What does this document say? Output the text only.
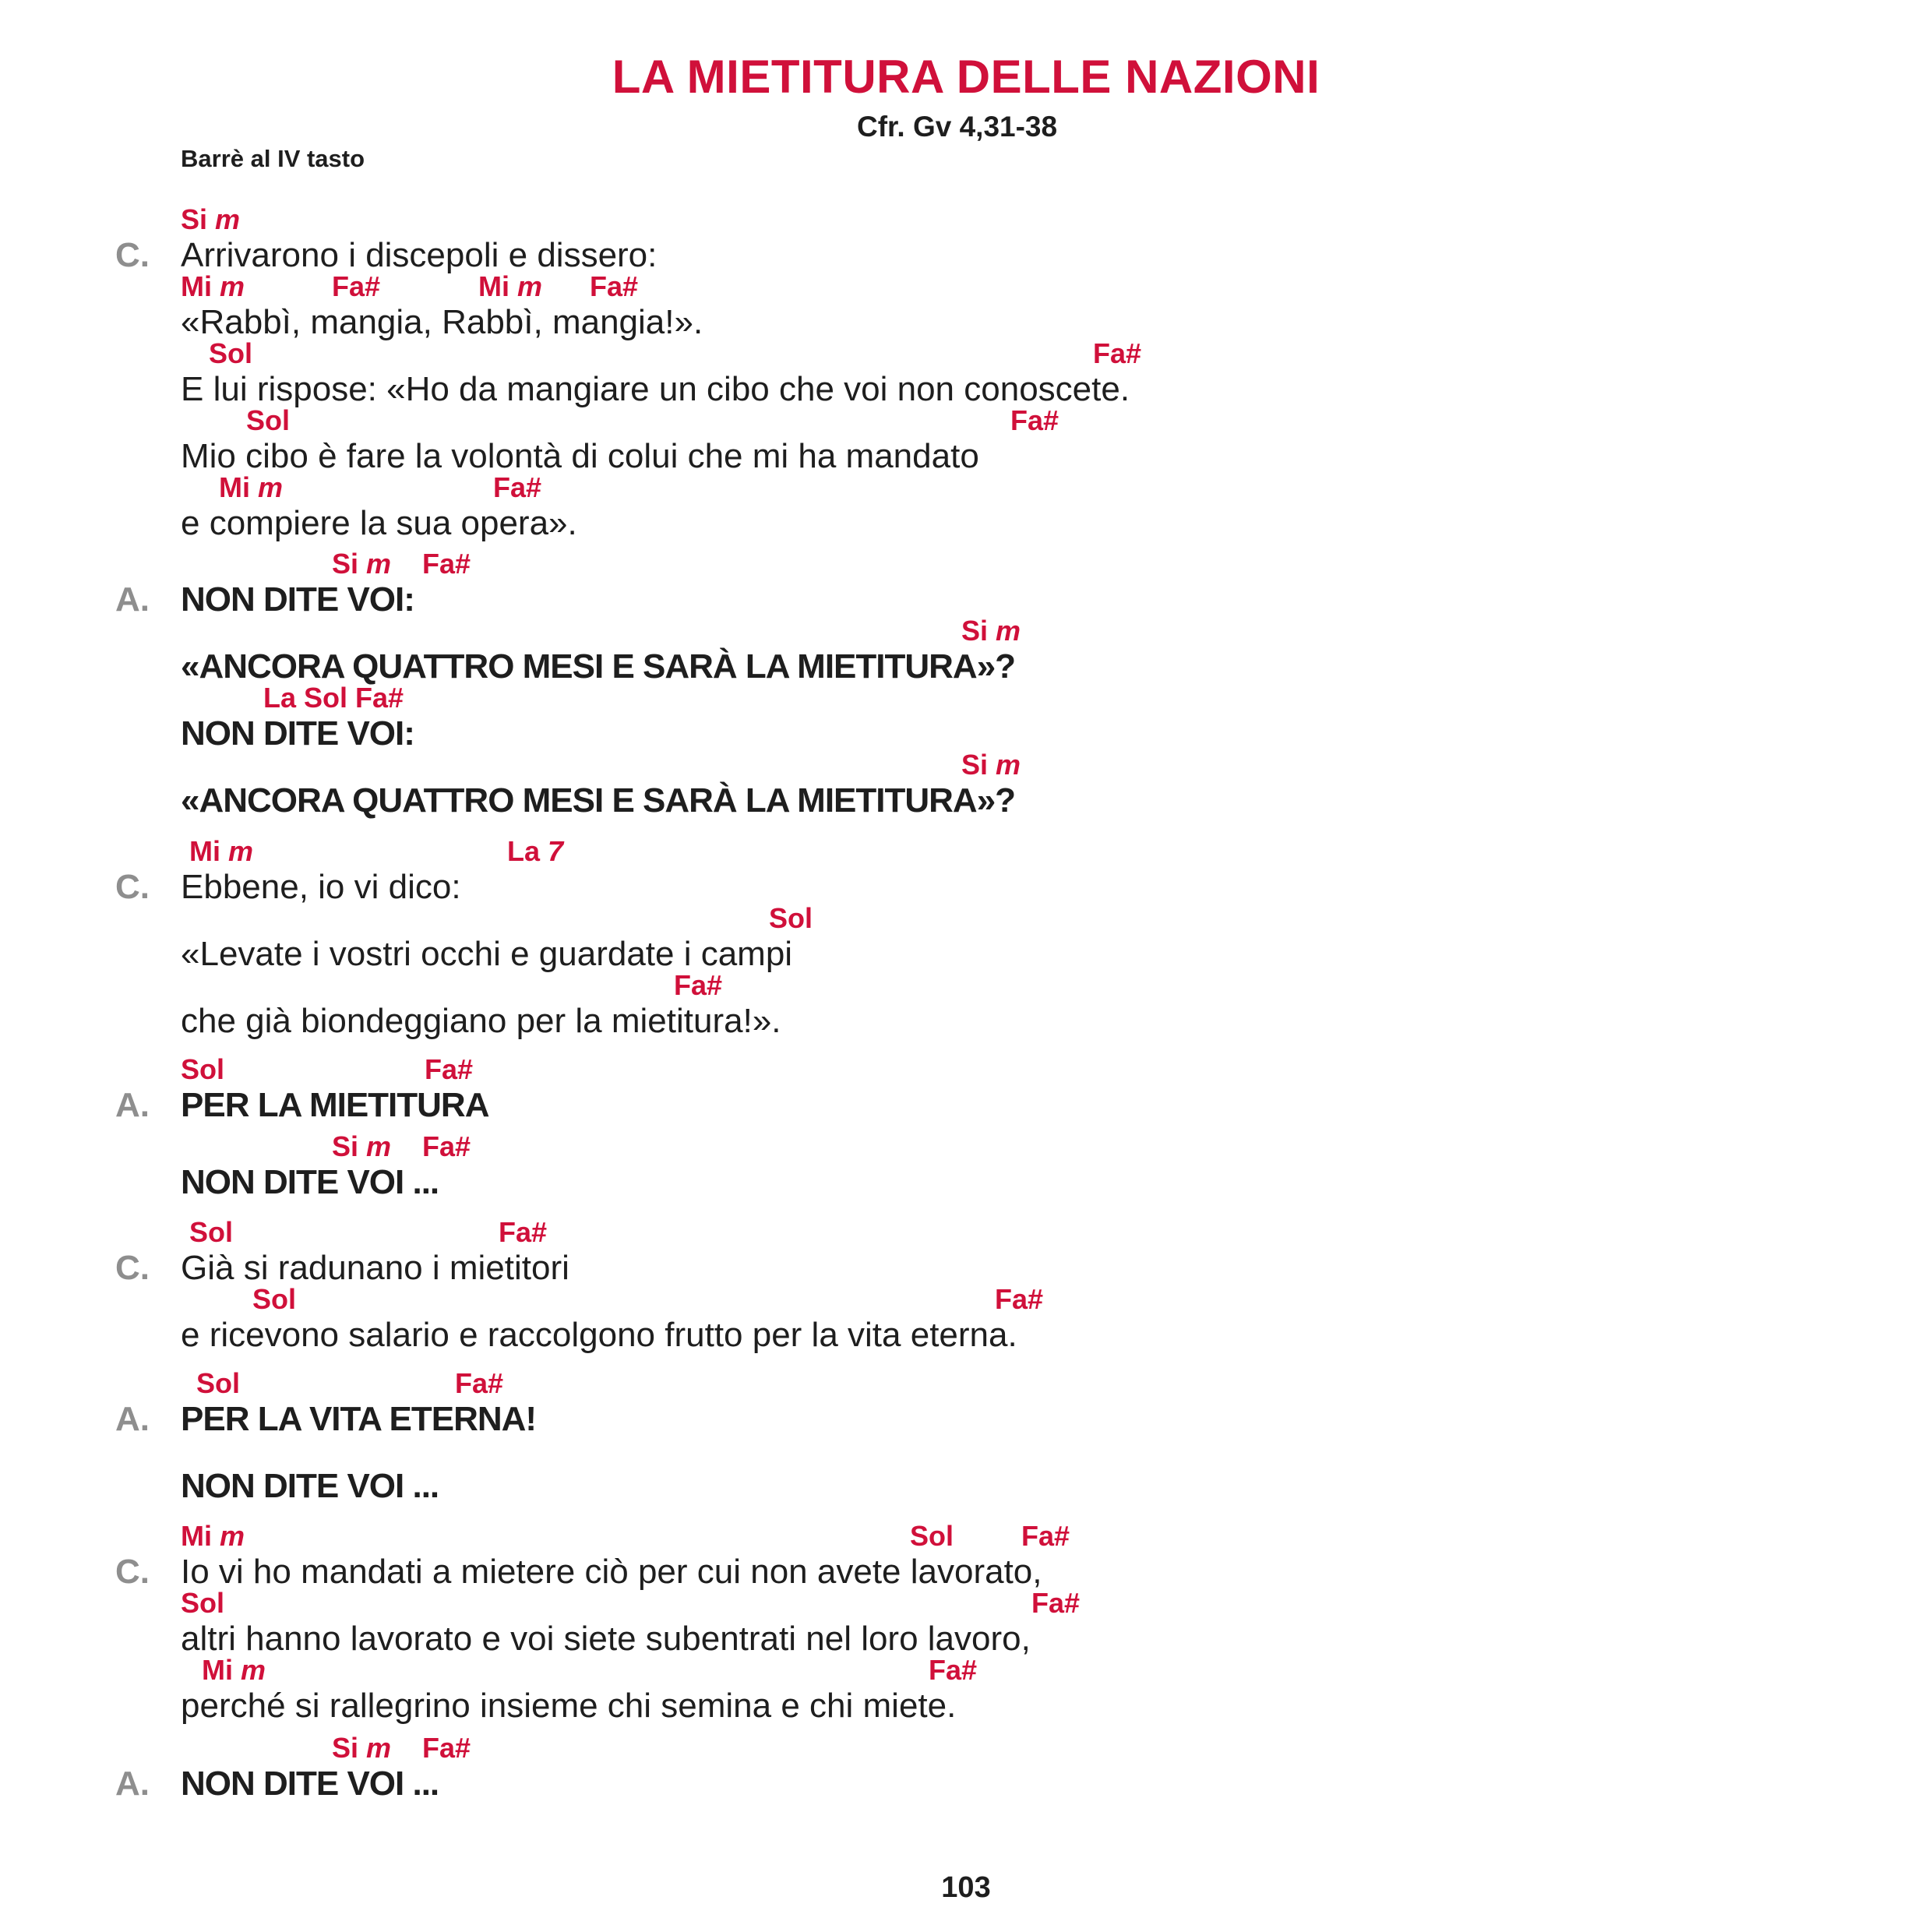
LA MIETITURA DELLE NAZIONI
Cfr. Gv 4,31-38
Barrè al IV tasto
C.
Si m
Arrivarono i discepoli e dissero:
Mi m	Fa#	Mi m Fa#
«Rabbì, mangia, Rabbì, mangia!».
Sol	Fa#
E lui rispose: «Ho da mangiare un cibo che voi non conoscete.
Sol	Fa#
Mio cibo è fare la volontà di colui che mi ha mandato
Mi m	Fa#
e compiere la sua opera».
A.
Si m Fa#
NON DITE VOI:
Si m
«ANCORA QUATTRO MESI E SARÀ LA MIETITURA»?
La Sol Fa#
NON DITE VOI:
Si m
«ANCORA QUATTRO MESI E SARÀ LA MIETITURA»?
C.
Mi m	La 7
Ebbene, io vi dico:
Sol
«Levate i vostri occhi e guardate i campi
Fa#
che già biondeggiano per la mietitura!».
A.
Sol	Fa#
PER LA MIETITURA
Si m Fa#
NON DITE VOI ...
C.
Sol	Fa#
Già si radunano i mietitori
Sol	Fa#
e ricevono salario e raccolgono frutto per la vita eterna.
A.
Sol	Fa#
PER LA VITA ETERNA!
NON DITE VOI ...
C.
Mi m	Sol Fa#
Io vi ho mandati a mietere ciò per cui non avete lavorato,
Sol	Fa#
altri hanno lavorato e voi siete subentrati nel loro lavoro,
Mi m	Fa#
perché si rallegrino insieme chi semina e chi miete.
A.
Si m Fa#
NON DITE VOI ...
103
